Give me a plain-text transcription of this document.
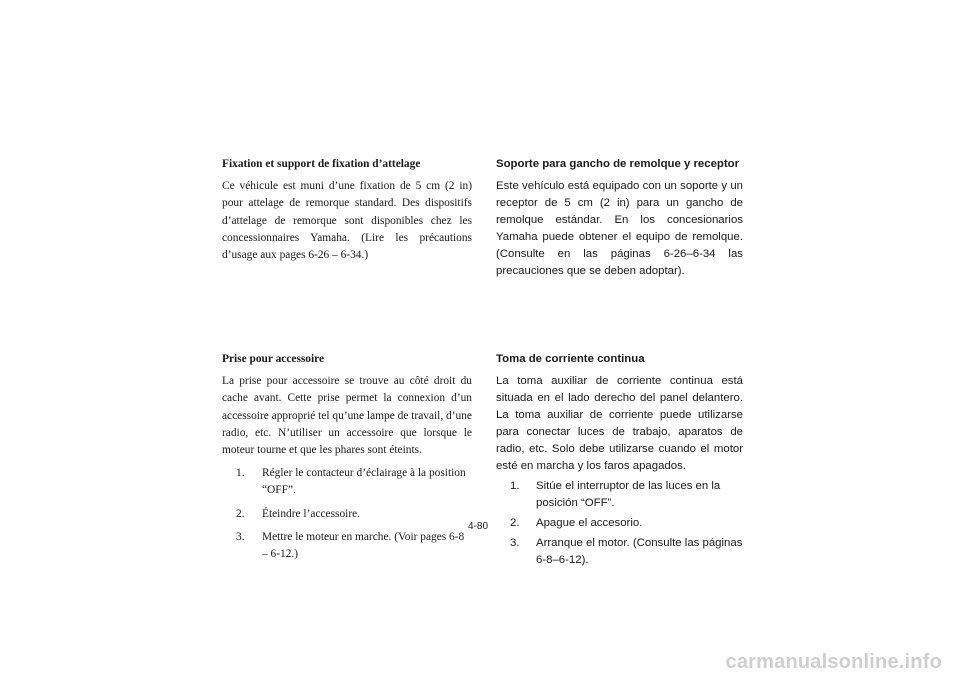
Fixation et support de fixation d’attelage

Ce véhicule est muni d’une fixation de 5 cm (2 in) pour attelage de remorque standard. Des dispositifs d’attelage de remorque sont disponibles chez les concessionnaires Yamaha. (Lire les précautions d’usage aux pages 6-26 – 6-34.)

Prise pour accessoire

La prise pour accessoire se trouve au côté droit du cache avant. Cette prise permet la connexion d’un accessoire approprié tel qu’une lampe de travail, d’une radio, etc. N’utiliser un accessoire que lorsque le moteur tourne et que les phares sont éteints.

1. Régler le contacteur d’éclairage à la position “OFF”.
2. Éteindre l’accessoire.
3. Mettre le moteur en marche. (Voir pages 6-8 – 6-12.)

Soporte para gancho de remolque y receptor

Este vehículo está equipado con un soporte y un receptor de 5 cm (2 in) para un gancho de remolque estándar. En los concesionarios Yamaha puede obtener el equipo de remolque. (Consulte en las páginas 6-26–6-34 las precauciones que se deben adoptar).

Toma de corriente continua

La toma auxiliar de corriente continua está situada en el lado derecho del panel delantero. La toma auxiliar de corriente puede utilizarse para conectar luces de trabajo, aparatos de radio, etc. Solo debe utilizarse cuando el motor esté en marcha y los faros apagados.

1. Sitúe el interruptor de las luces en la posición “OFF”.
2. Apague el accesorio.
3. Arranque el motor. (Consulte las páginas 6-8–6-12).
4-80
carmanualsonline.info
